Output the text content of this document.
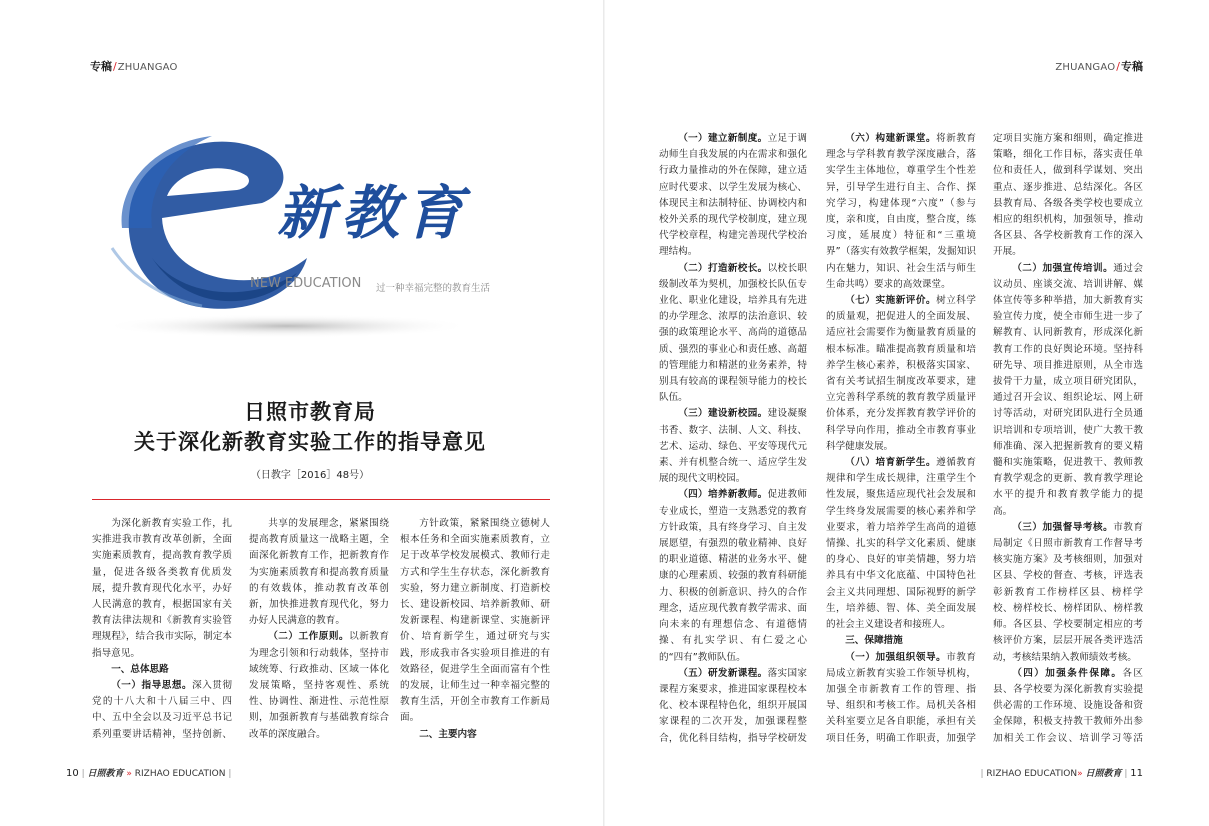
专稿/ZHUANGAO	ZHUANGAO/专稿
新教育
NEW EDUCATION 过一种幸福完整的教育生活
日照市教育局
关于深化新教育实验工作的指导意见
（日教字［2016］48号）

为深化新教育实验工作，扎实推进我市教育改革创新，全面实施素质教育，提高教育教学质量，促进各级各类教育优质发展，提升教育现代化水平，办好人民满意的教育，根据国家有关教育法律法规和《新教育实验管理规程》，结合我市实际，制定本指导意见。

一、总体思路

（一）指导思想。深入贯彻党的十八大和十八届三中、四中、五中全会以及习近平总书记系列重要讲话精神，坚持创新、

共享的发展理念，紧紧围绕提高教育质量这一战略主题，全面深化新教育工作，把新教育作为实施素质教育和提高教育质量的有效载体，推动教育改革创新，加快推进教育现代化，努力办好人民满意的教育。

（二）工作原则。以新教育为理念引领和行动载体，坚持市域统筹、行政推动、区域一体化发展策略，坚持客观性、系统性、协调性、渐进性、示范性原则，加强新教育与基础教育综合改革的深度融合。

方针政策，紧紧围绕立德树人根本任务和全面实施素质教育，立足于改革学校发展模式、教师行走方式和学生生存状态，深化新教育实验，努力建立新制度、打造新校长、建设新校园、培养新教师、研发新课程、构建新课堂、实施新评价、培育新学生，通过研究与实践，形成我市各实验项目推进的有效路径，促进学生全面而富有个性的发展，让师生过一种幸福完整的教育生活，开创全市教育工作新局面。

二、主要内容

（一）建立新制度。立足于调动师生自我发展的内在需求和强化行政力量推动的外在保障，建立适应时代要求、以学生发展为核心、体现民主和法制特征、协调校内和校外关系的现代学校制度，建立现代学校章程，构建完善现代学校治理结构。

（二）打造新校长。以校长职级制改革为契机，加强校长队伍专业化、职业化建设，培养具有先进的办学理念、浓厚的法治意识、较强的政策理论水平、高尚的道德品质、强烈的事业心和责任感、高超的管理能力和精湛的业务素养，特别具有较高的课程领导能力的校长队伍。

（三）建设新校园。建设凝聚书香、数字、法制、人文、科技、艺术、运动、绿色、平安等现代元素、并有机整合统一、适应学生发展的现代文明校园。

（四）培养新教师。促进教师专业成长，塑造一支熟悉党的教育方针政策，具有终身学习、自主发展愿望，有强烈的敬业精神、良好的职业道德、精湛的业务水平、健康的心理素质、较强的教育科研能力、积极的创新意识、持久的合作理念，适应现代教育教学需求、面向未来的有理想信念、有道德情操、有扎实学识、有仁爱之心的“四有”教师队伍。

（五）研发新课程。落实国家课程方案要求，推进国家课程校本化、校本课程特色化，组织开展国家课程的二次开发，加强课程整合，优化科目结构，指导学校研发

（六）构建新课堂。将新教育理念与学科教育教学深度融合，落实学生主体地位，尊重学生个性差异，引导学生进行自主、合作、探究学习，构建体现“六度”（参与度，亲和度，自由度，整合度，练习度，延展度）特征和“三重境界”（落实有效教学框架，发掘知识内在魅力，知识、社会生活与师生生命共鸣）要求的高效课堂。

（七）实施新评价。树立科学的质量观，把促进人的全面发展、适应社会需要作为衡量教育质量的根本标准。瞄准提高教育质量和培养学生核心素养，积极落实国家、省有关考试招生制度改革要求，建立完善科学系统的教育教学质量评价体系，充分发挥教育教学评价的科学导向作用，推动全市教育事业科学健康发展。

（八）培育新学生。遵循教育规律和学生成长规律，注重学生个性发展，聚焦适应现代社会发展和学生终身发展需要的核心素养和学业要求，着力培养学生高尚的道德情操、扎实的科学文化素质、健康的身心、良好的审美情趣，努力培养具有中华文化底蕴、中国特色社会主义共同理想、国际视野的新学生，培养德、智、体、美全面发展的社会主义建设者和接班人。

三、保障措施

（一）加强组织领导。市教育局成立新教育实验工作领导机构，加强全市新教育工作的管理、指导、组织和考核工作。局机关各相关科室要立足各自职能，承担有关项目任务，明确工作职责，加强学

定项目实施方案和细则，确定推进策略，细化工作目标，落实责任单位和责任人，做到科学谋划、突出重点、逐步推进、总结深化。各区县教育局、各级各类学校也要成立相应的组织机构，加强领导，推动各区县、各学校新教育工作的深入开展。

（二）加强宣传培训。通过会议动员、座谈交流、培训讲解、媒体宣传等多种举措，加大新教育实验宣传力度，使全市师生进一步了解教育、认同新教育，形成深化新教育工作的良好舆论环境。坚持科研先导、项目推进原则，从全市选拔骨干力量，成立项目研究团队，通过召开会议、组织论坛、网上研讨等活动，对研究团队进行全员通识培训和专项培训，使广大教干教师准确、深入把握新教育的要义精髓和实施策略，促进教干、教师教育教学观念的更新、教育教学理论水平的提升和教育教学能力的提高。

（三）加强督导考核。市教育局制定《日照市新教育工作督导考核实施方案》及考核细则，加强对区县、学校的督查、考核，评选表彰新教育工作榜样区县、榜样学校、榜样校长、榜样团队、榜样教师。各区县、学校要制定相应的考核评价方案，层层开展各类评选活动，考核结果纳入教师绩效考核。

（四）加强条件保障。各区县、各学校要为深化新教育实验提供必需的工作环境、设施设备和资金保障，积极支持教干教师外出参加相关工作会议、培训学习等活

10 | 日照教育 » RIZHAO EDUCATION |	| RIZHAO EDUCATION» 日照教育 | 11
